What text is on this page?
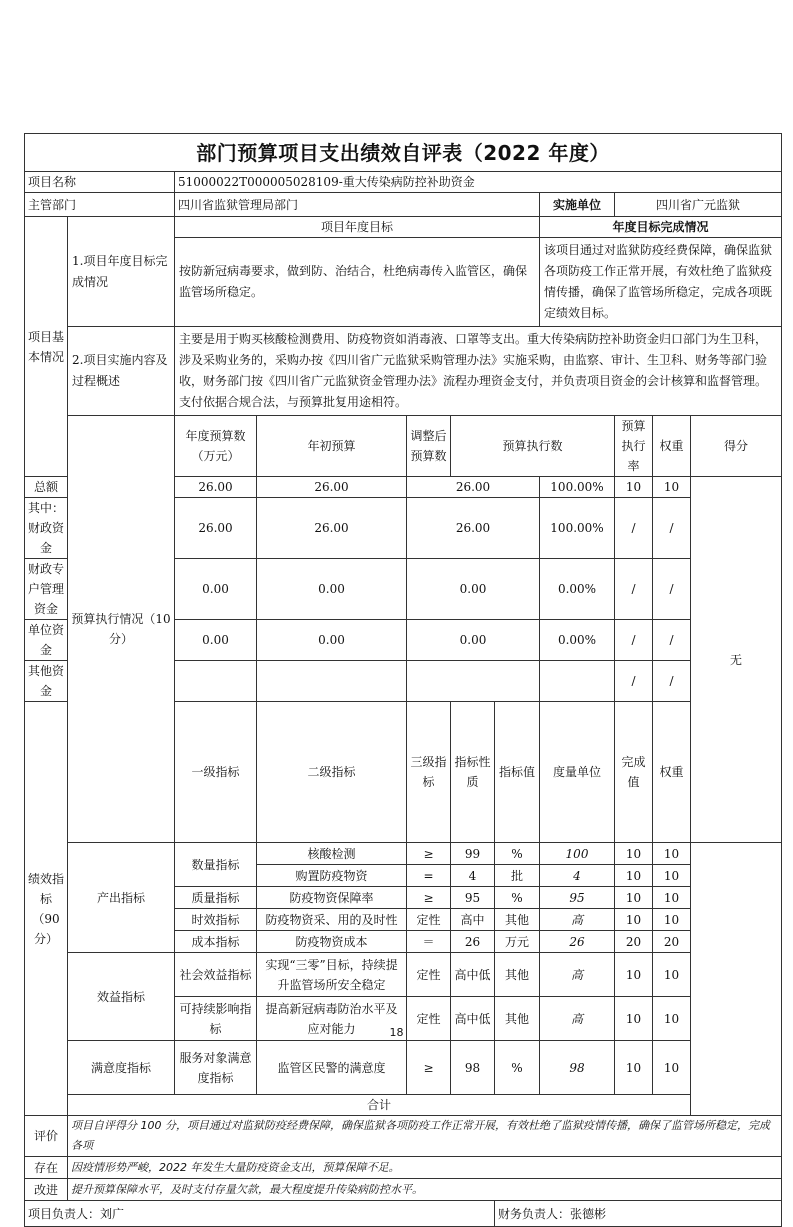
部门预算项目支出绩效自评表（2022 年度）											
项目名称		51000022T000005028109-重大传染病防控补助资金									
主管部门		四川省监狱管理局部门					实施单位	四川省广元监狱			
项目基本情况	1.项目年度目标完成情况	项目年度目标					年度目标完成情况				
		按防新冠病毒要求，做到防、治结合，杜绝病毒传入监管区，确保监管场所稳定。					该项目通过对监狱防疫经费保障，确保监狱各项防疫工作正常开展，有效杜绝了监狱疫情传播，确保了监管场所稳定，完成各项既定绩效目标。				
	2.项目实施内容及过程概述	主要是用于购买核酸检测费用、防疫物资如消毒液、口罩等支出。重大传染病防控补助资金归口部门为生卫科，涉及采购业务的，采购办按《四川省广元监狱采购管理办法》实施采购，由监察、审计、生卫科、财务等部门验收，财务部门按《四川省广元监狱资金管理办法》流程办理资金支付，并负责项目资金的会计核算和监督管理。支付依据合规合法，与预算批复用途相符。									
	预算执行情况（10分）	年度预算数（万元）	年初预算	调整后预算数	预算执行数			预算执行率	权重	得分	
总额		26.00	26.00	26.00			100.00%	10	10	无	
其中：财政资金		26.00	26.00	26.00			100.00%	/	/		
财政专户管理资金		0.00	0.00	0.00			0.00%	/	/		
单位资金		0.00	0.00	0.00			0.00%	/	/		
其他资金								/	/		
绩效指标（90分）		一级指标	二级指标	三级指标	指标性质	指标值	度量单位	完成值	权重		
	产出指标	数量指标	核酸检测	≥	99	%	100	10	10		
			购置防疫物资	=	4	批	4	10	10		
		质量指标	防疫物资保障率	≥	95	%	95	10	10		
		时效指标	防疫物资采、用的及时性	定性	高中	其他	高	10	10		
		成本指标	防疫物资成本	＝	26	万元	26	20	20		
	效益指标	社会效益指标	实现“三零”目标，持续提升监管场所安全稳定	定性	高中低	其他	高	10	10		
		可持续影响指标	提高新冠病毒防治水平及应对能力	定性	高中低	其他	高	10	10		
	满意度指标	服务对象满意度指标	监管区民警的满意度	≥	98	%	98	10	10		
	合计		
评价	项目自评得分 100 分，项目通过对监狱防疫经费保障，确保监狱各项防疫工作正常开展，有效杜绝了监狱疫情传播，确保了监管场所稳定，完成各项										
存在	因疫情形势严峻，2022 年发生大量防疫资金支出，预算保障不足。										
改进	提升预算保障水平，及时支付存量欠款，最大程度提升传染病防控水平。										
项目负责人：刘广						财务负责人：张德彬					
18
